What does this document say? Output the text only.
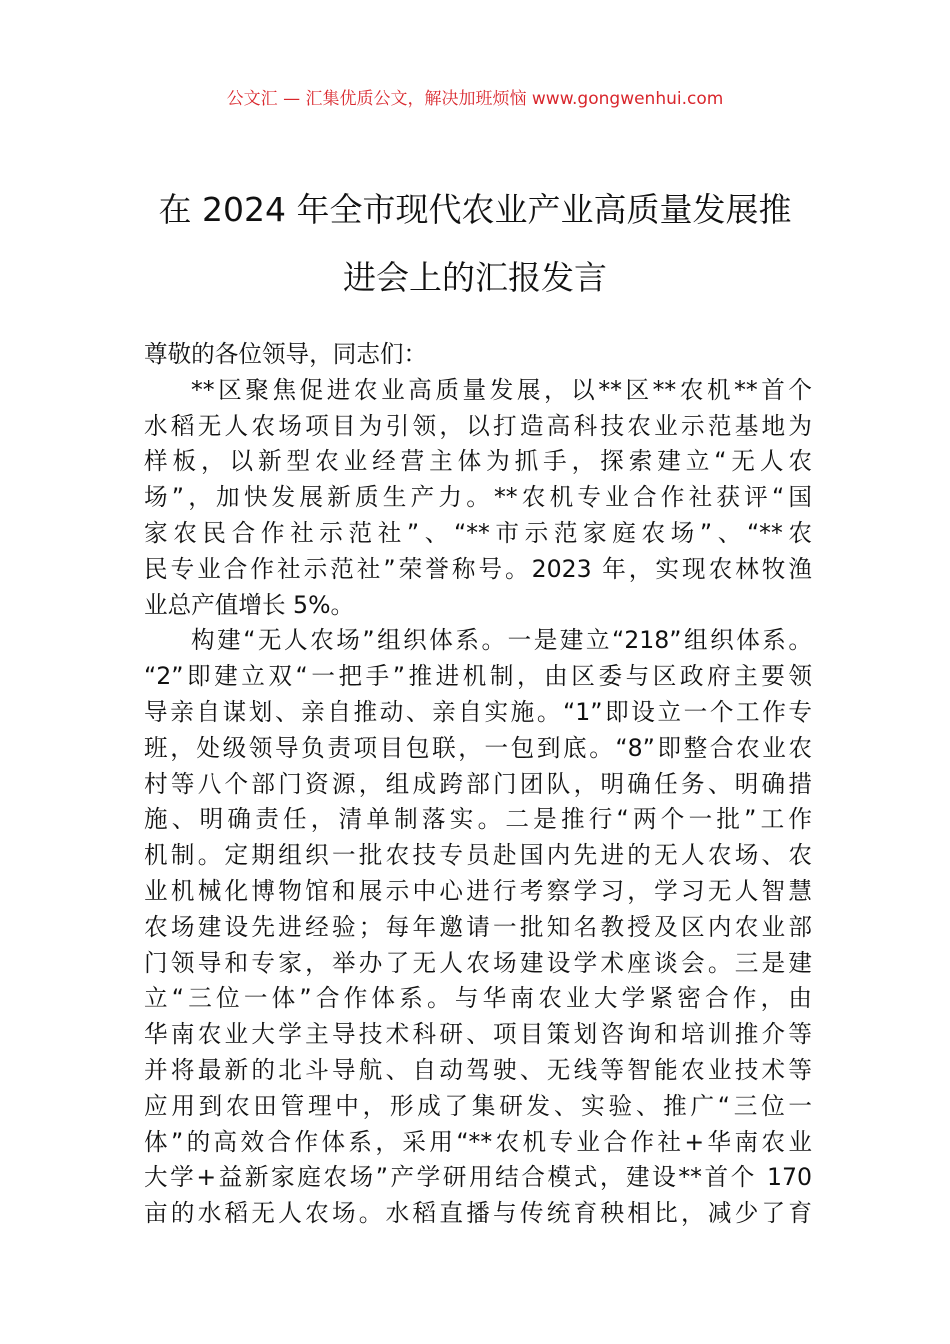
公文汇 — 汇集优质公文，解决加班烦恼 www.gongwenhui.com
在 2024 年全市现代农业产业高质量发展推
进会上的汇报发言
尊敬的各位领导，同志们：
**区聚焦促进农业高质量发展，以**区**农机**首个
水稻无人农场项目为引领，以打造高科技农业示范基地为
样板，以新型农业经营主体为抓手，探索建立“无人农
场”，加快发展新质生产力。**农机专业合作社获评“国
家农民合作社示范社”、“**市示范家庭农场”、“**农
民专业合作社示范社”荣誉称号。2023 年，实现农林牧渔
业总产值增长 5%。
构建“无人农场”组织体系。一是建立“218”组织体系。
“2”即建立双“一把手”推进机制，由区委与区政府主要领
导亲自谋划、亲自推动、亲自实施。“1”即设立一个工作专
班，处级领导负责项目包联，一包到底。“8”即整合农业农
村等八个部门资源，组成跨部门团队，明确任务、明确措
施、明确责任，清单制落实。二是推行“两个一批”工作
机制。定期组织一批农技专员赴国内先进的无人农场、农
业机械化博物馆和展示中心进行考察学习，学习无人智慧
农场建设先进经验；每年邀请一批知名教授及区内农业部
门领导和专家，举办了无人农场建设学术座谈会。三是建
立“三位一体”合作体系。与华南农业大学紧密合作，由
华南农业大学主导技术科研、项目策划咨询和培训推介等
并将最新的北斗导航、自动驾驶、无线等智能农业技术等
应用到农田管理中，形成了集研发、实验、推广“三位一
体”的高效合作体系，采用“**农机专业合作社+华南农业
大学+益新家庭农场”产学研用结合模式，建设**首个 170
亩的水稻无人农场。水稻直播与传统育秧相比，减少了育
